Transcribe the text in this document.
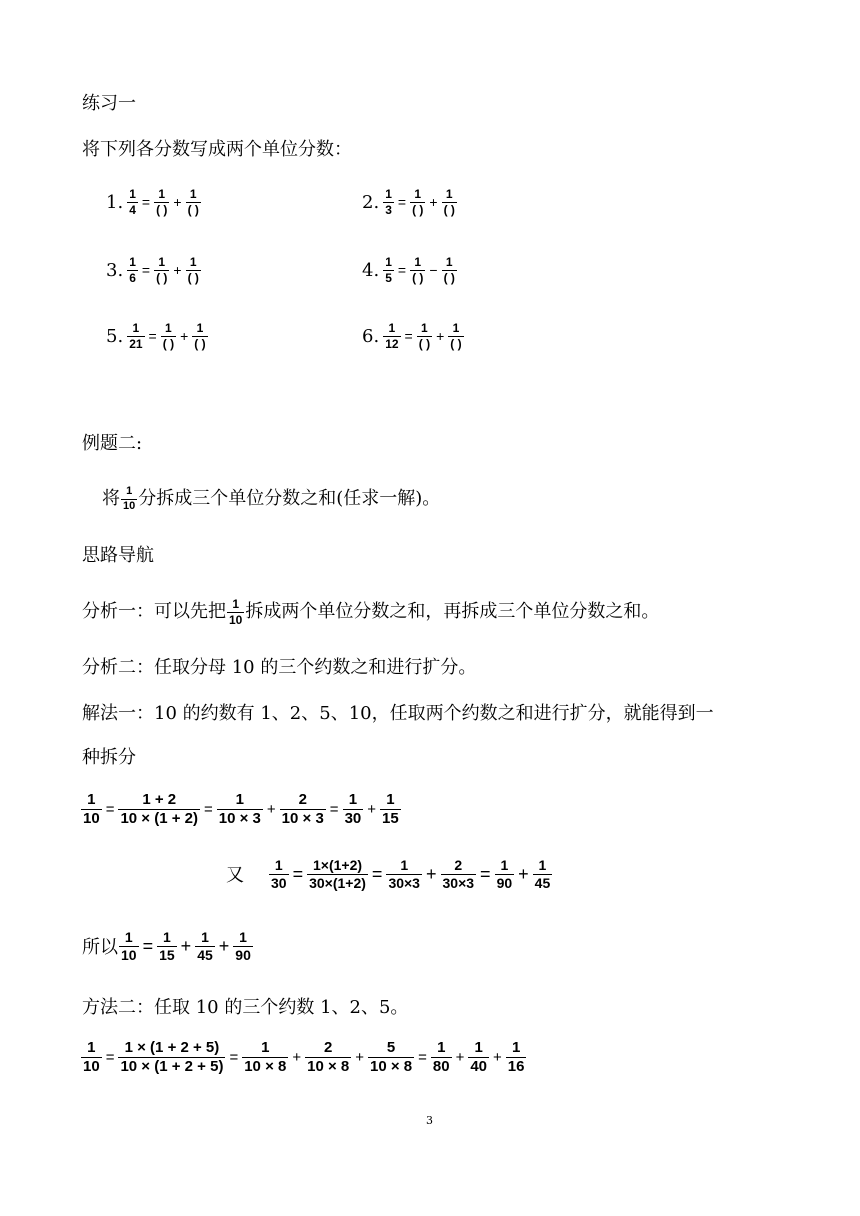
练习一
将下列各分数写成两个单位分数：
1. $\frac{1}{4} = \frac{1}{( )} + \frac{1}{( )}$	2. $\frac{1}{3} = \frac{1}{( )} + \frac{1}{( )}$
3. $\frac{1}{6} = \frac{1}{( )} + \frac{1}{( )}$	4. $\frac{1}{5} = \frac{1}{( )} - \frac{1}{( )}$
5. $\frac{1}{21} = \frac{1}{( )} + \frac{1}{( )}$	6. $\frac{1}{12} = \frac{1}{( )} + \frac{1}{( )}$
例题二:
将 $\frac{1}{10}$ 分拆成三个单位分数之和(任求一解)。
思路导航
分析一：可以先把 $\frac{1}{10}$ 拆成两个单位分数之和，再拆成三个单位分数之和。
分析二：任取分母 10 的三个约数之和进行扩分。
解法一：10 的约数有 1、2、5、10，任取两个约数之和进行扩分，就能得到一
种拆分
$\frac{1}{10} = \frac{1 + 2}{10 \times (1 + 2)} = \frac{1}{10 \times 3} + \frac{2}{10 \times 3} = \frac{1}{30} + \frac{1}{15}$
又 $\frac{1}{30} = \frac{1\times(1+2)}{30\times(1+2)} = \frac{1}{30\times 3} + \frac{2}{30\times 3} = \frac{1}{90} + \frac{1}{45}$
所以 $\frac{1}{10} = \frac{1}{15} + \frac{1}{45} + \frac{1}{90}$
方法二：任取 10 的三个约数 1、2、5。
$\frac{1}{10} = \frac{1 \times (1 + 2 + 5)}{10 \times (1 + 2 + 5)} = \frac{1}{10 \times 8} + \frac{2}{10 \times 8} + \frac{5}{10 \times 8} = \frac{1}{80} + \frac{1}{40} + \frac{1}{16}$
3
